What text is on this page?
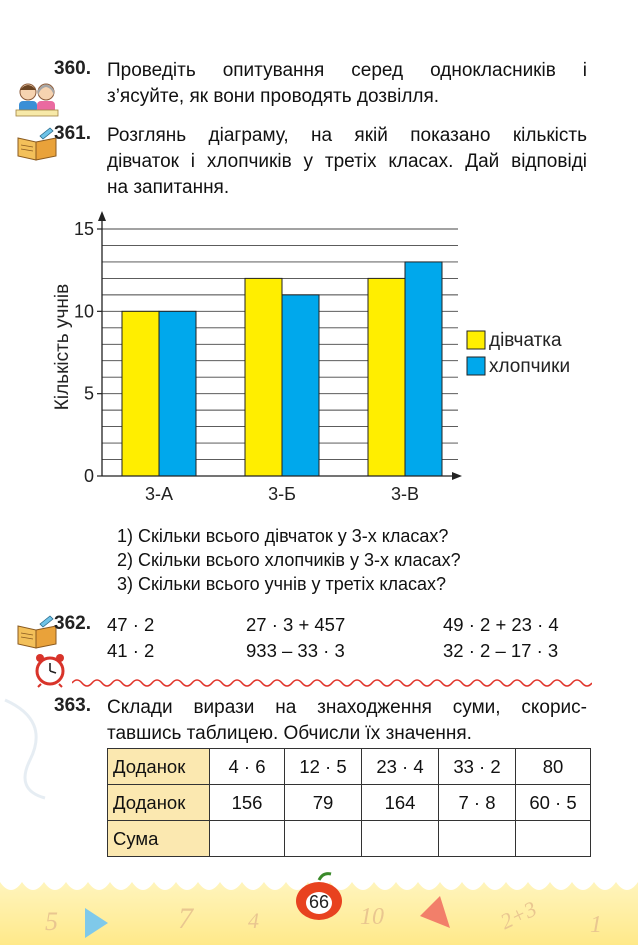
360. Проведіть опитування серед однокласників і
з’ясуйте, як вони проводять дозвілля.
361. Розглянь діаграму, на якій показано кількість
дівчаток і хлопчиків у третіх класах. Дай відповіді
на запитання.
0
5
10
15
3-А	3-Б	3-В
Кількість учнів	дівчатка
хлопчики
1) Скільки всього дівчаток у 3-х класах?
2) Скільки всього хлопчиків у 3-х класах?
3) Скільки всього учнів у третіх класах?
362. 47 · 2	27 · 3 + 457	49 · 2 + 23 · 4
41 · 2	933 – 33 · 3	32 · 2 – 17 · 3
363. Склади вирази на знаходження суми, скорис-
тавшись таблицею. Обчисли їх значення.
Доданок	4 · 6	12 · 5	23 · 4	33 · 2	80
Доданок	156	79	164	7 · 8	60 · 5
Сума					
5	7	4	10	2+3 1
66
